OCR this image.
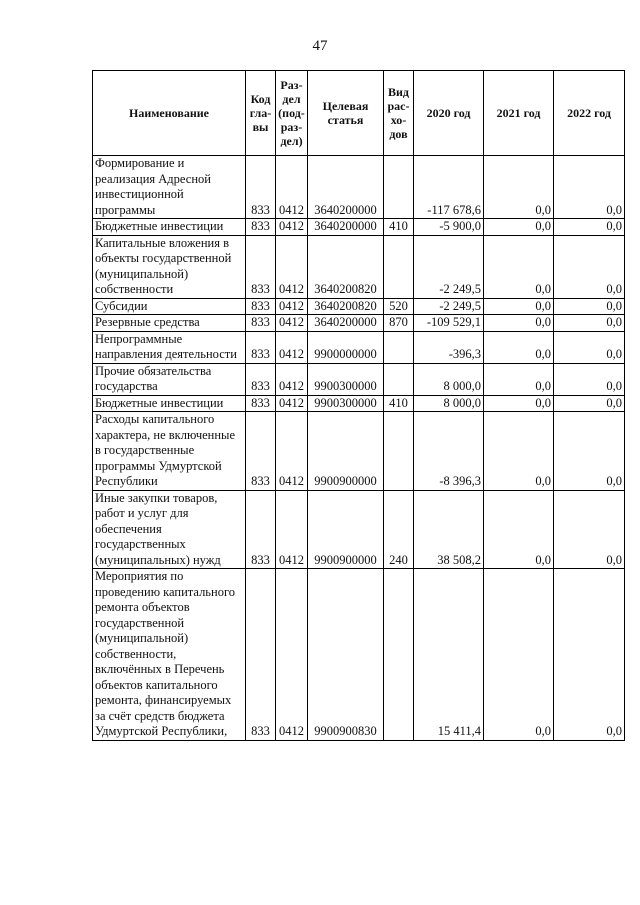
47
Наименование	Код гла- вы	Раз- дел (под- раз- дел)	Целевая статья	Вид рас- хо- дов	2020 год	2021 год	2022 год
Формирование и реализация Адресной инвестиционной программы	833	0412	3640200000		-117 678,6	0,0	0,0
Бюджетные инвестиции	833	0412	3640200000	410	-5 900,0	0,0	0,0
Капитальные вложения в объекты государственной (муниципальной) собственности	833	0412	3640200820		-2 249,5	0,0	0,0
Субсидии	833	0412	3640200820	520	-2 249,5	0,0	0,0
Резервные средства	833	0412	3640200000	870	-109 529,1	0,0	0,0
Непрограммные направления деятельности	833	0412	9900000000		-396,3	0,0	0,0
Прочие обязательства государства	833	0412	9900300000		8 000,0	0,0	0,0
Бюджетные инвестиции	833	0412	9900300000	410	8 000,0	0,0	0,0
Расходы капитального характера, не включенные в государственные программы Удмуртской Республики	833	0412	9900900000		-8 396,3	0,0	0,0
Иные закупки товаров, работ и услуг для обеспечения государственных (муниципальных) нужд	833	0412	9900900000	240	38 508,2	0,0	0,0
Мероприятия по проведению капитального ремонта объектов государственной (муниципальной) собственности, включённых в Перечень объектов капитального ремонта, финансируемых за счёт средств бюджета Удмуртской Республики,	833	0412	9900900830		15 411,4	0,0	0,0
